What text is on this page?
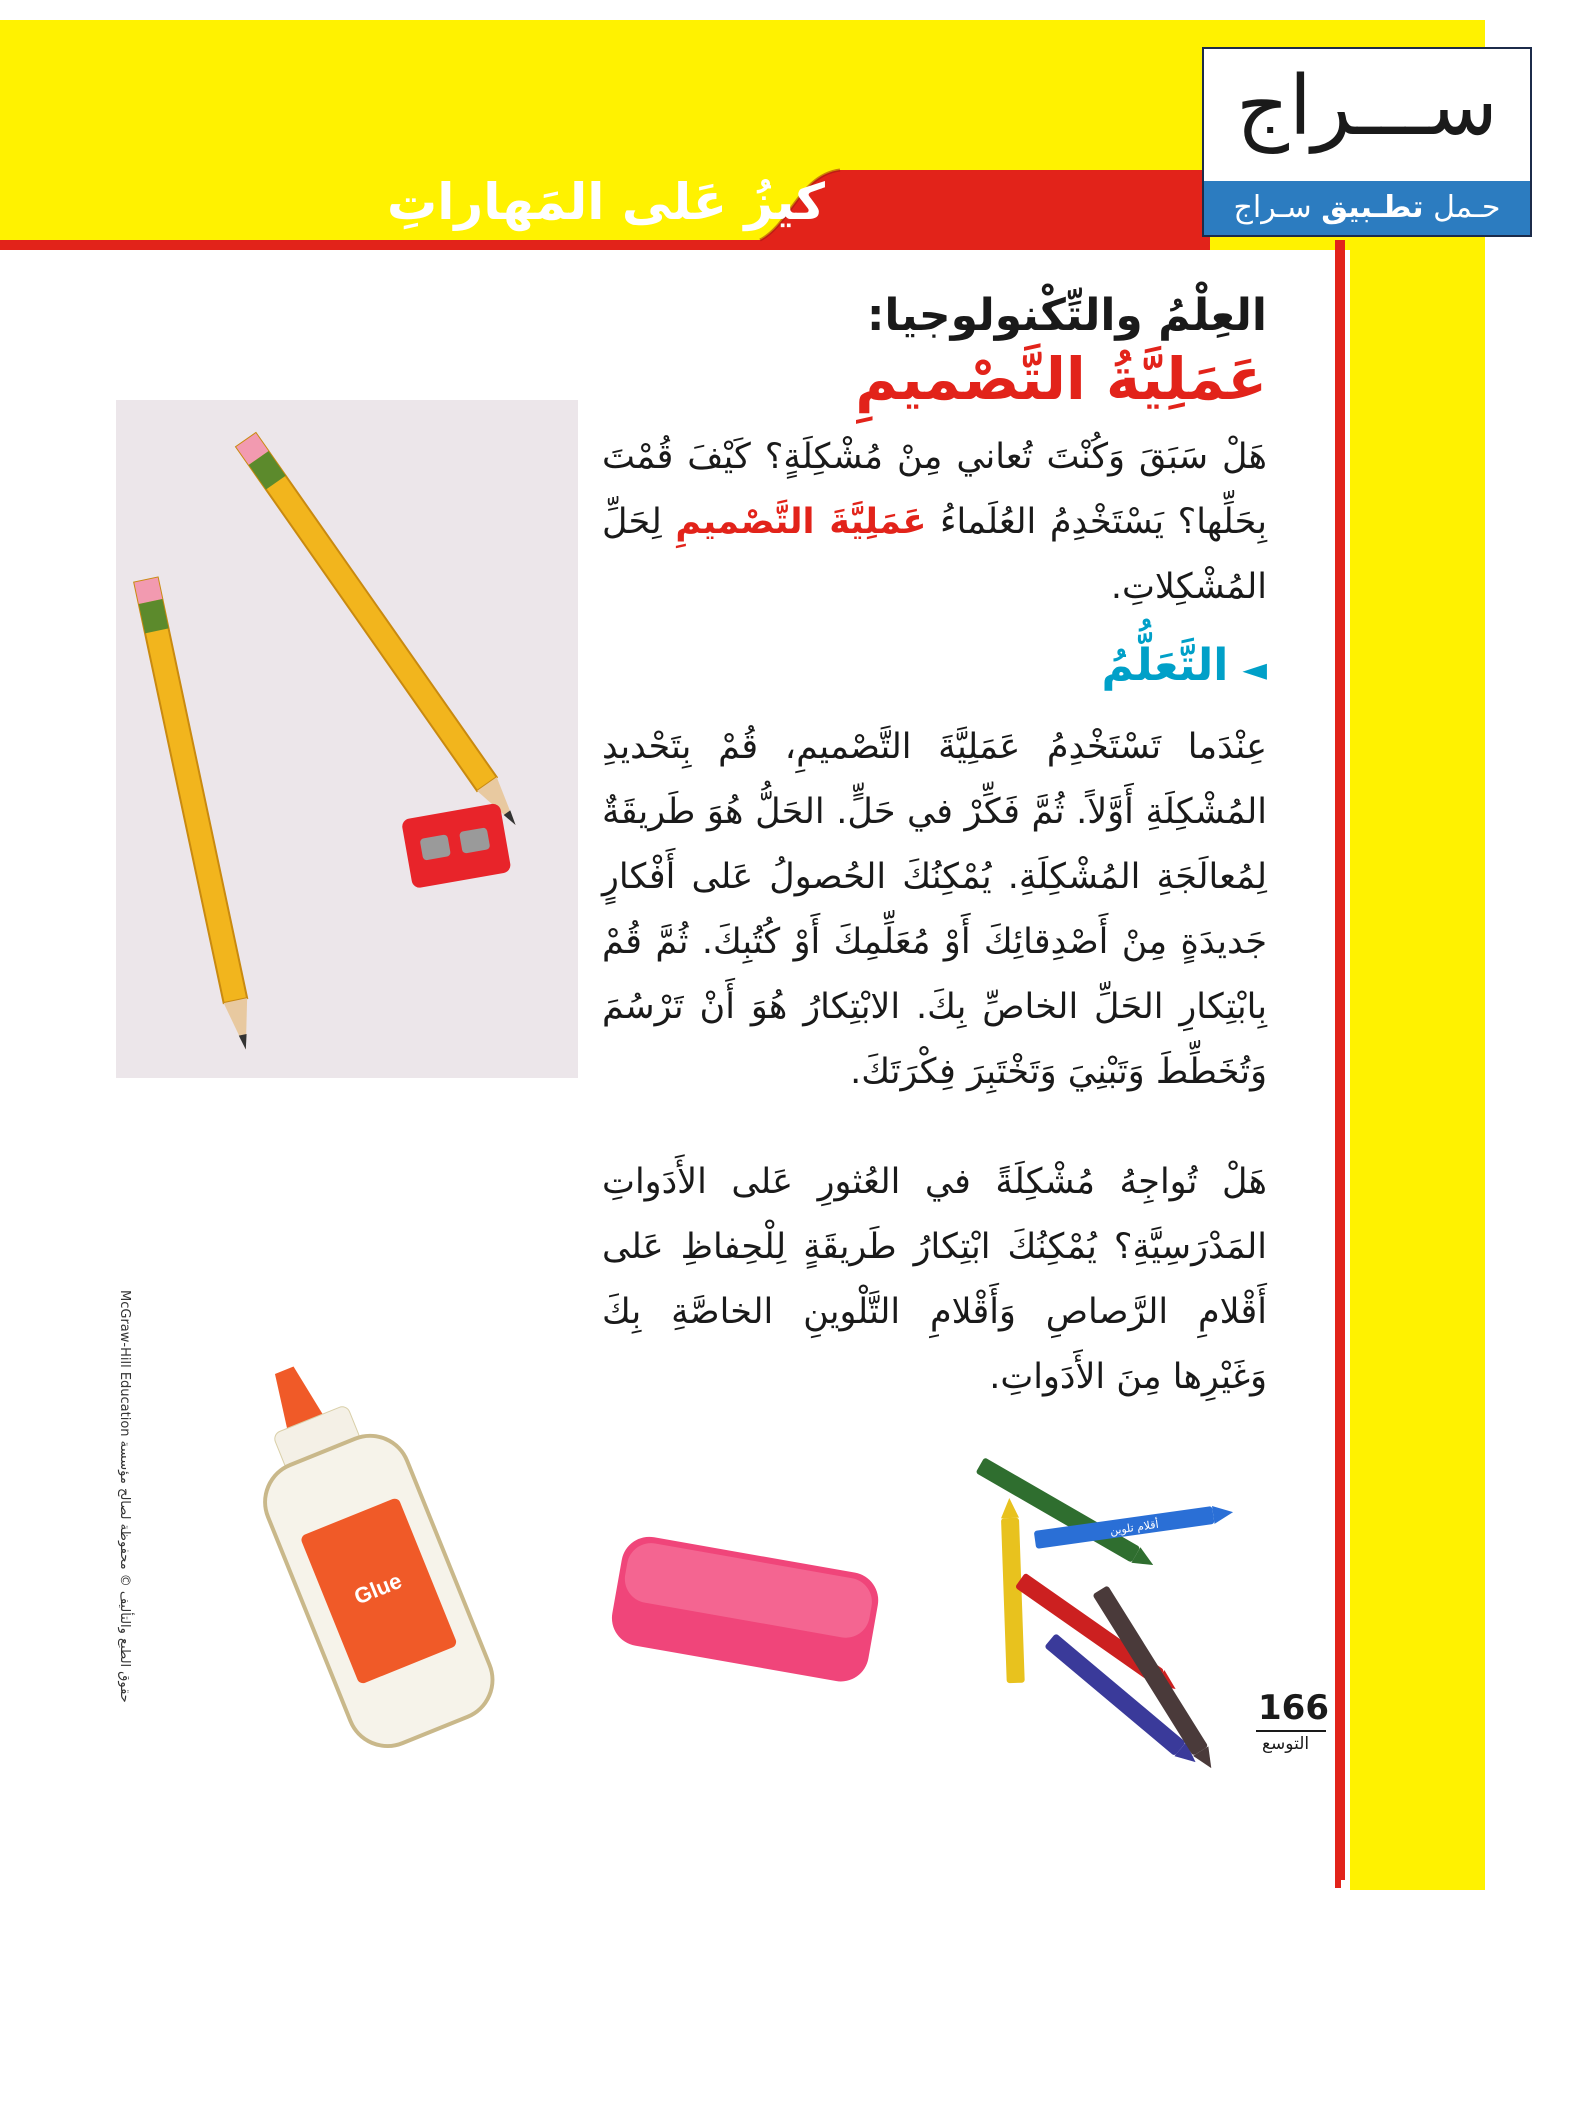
كيزُ عَلى المَهاراتِ
ســـراج
حـمل تطـبيق سـراج
العِلْمُ والتِّكْنولوجيا:
عَمَلِيَّةُ التَّصْميمِ
هَلْ سَبَقَ وَكُنْتَ تُعاني مِنْ مُشْكِلَةٍ؟ كَيْفَ قُمْتَ بِحَلِّها؟ يَسْتَخْدِمُ العُلَماءُ عَمَلِيَّةَ التَّصْميمِ لِحَلِّ المُشْكِلاتِ.
◄التَّعَلُّمُ
عِنْدَما تَسْتَخْدِمُ عَمَلِيَّةَ التَّصْميمِ، قُمْ بِتَحْديدِ المُشْكِلَةِ أَوَّلاً. ثُمَّ فَكِّرْ في حَلٍّ. الحَلُّ هُوَ طَريقَةٌ لِمُعالَجَةِ المُشْكِلَةِ. يُمْكِنُكَ الحُصولُ عَلى أَفْكارٍ جَديدَةٍ مِنْ أَصْدِقائِكَ أَوْ مُعَلِّمِكَ أَوْ كُتُبِكَ. ثُمَّ قُمْ بِابْتِكارِ الحَلِّ الخاصِّ بِكَ. الابْتِكارُ هُوَ أَنْ تَرْسُمَ وَتُخَطِّطَ وَتَبْنِيَ وَتَخْتَبِرَ فِكْرَتَكَ.
هَلْ تُواجِهُ مُشْكِلَةً في العُثورِ عَلى الأَدَواتِ المَدْرَسِيَّةِ؟ يُمْكِنُكَ ابْتِكارُ طَريقَةٍ لِلْحِفاظِ عَلى أَقْلامِ الرَّصاصِ وَأَقْلامِ التَّلْوينِ الخاصَّةِ بِكَ وَغَيْرِها مِنَ الأَدَواتِ.
Glue
أقلام تلوين
McGraw-Hill Education حقوق الطبع والتأليف © محفوظة لصالح مؤسسة
166
التوسع
